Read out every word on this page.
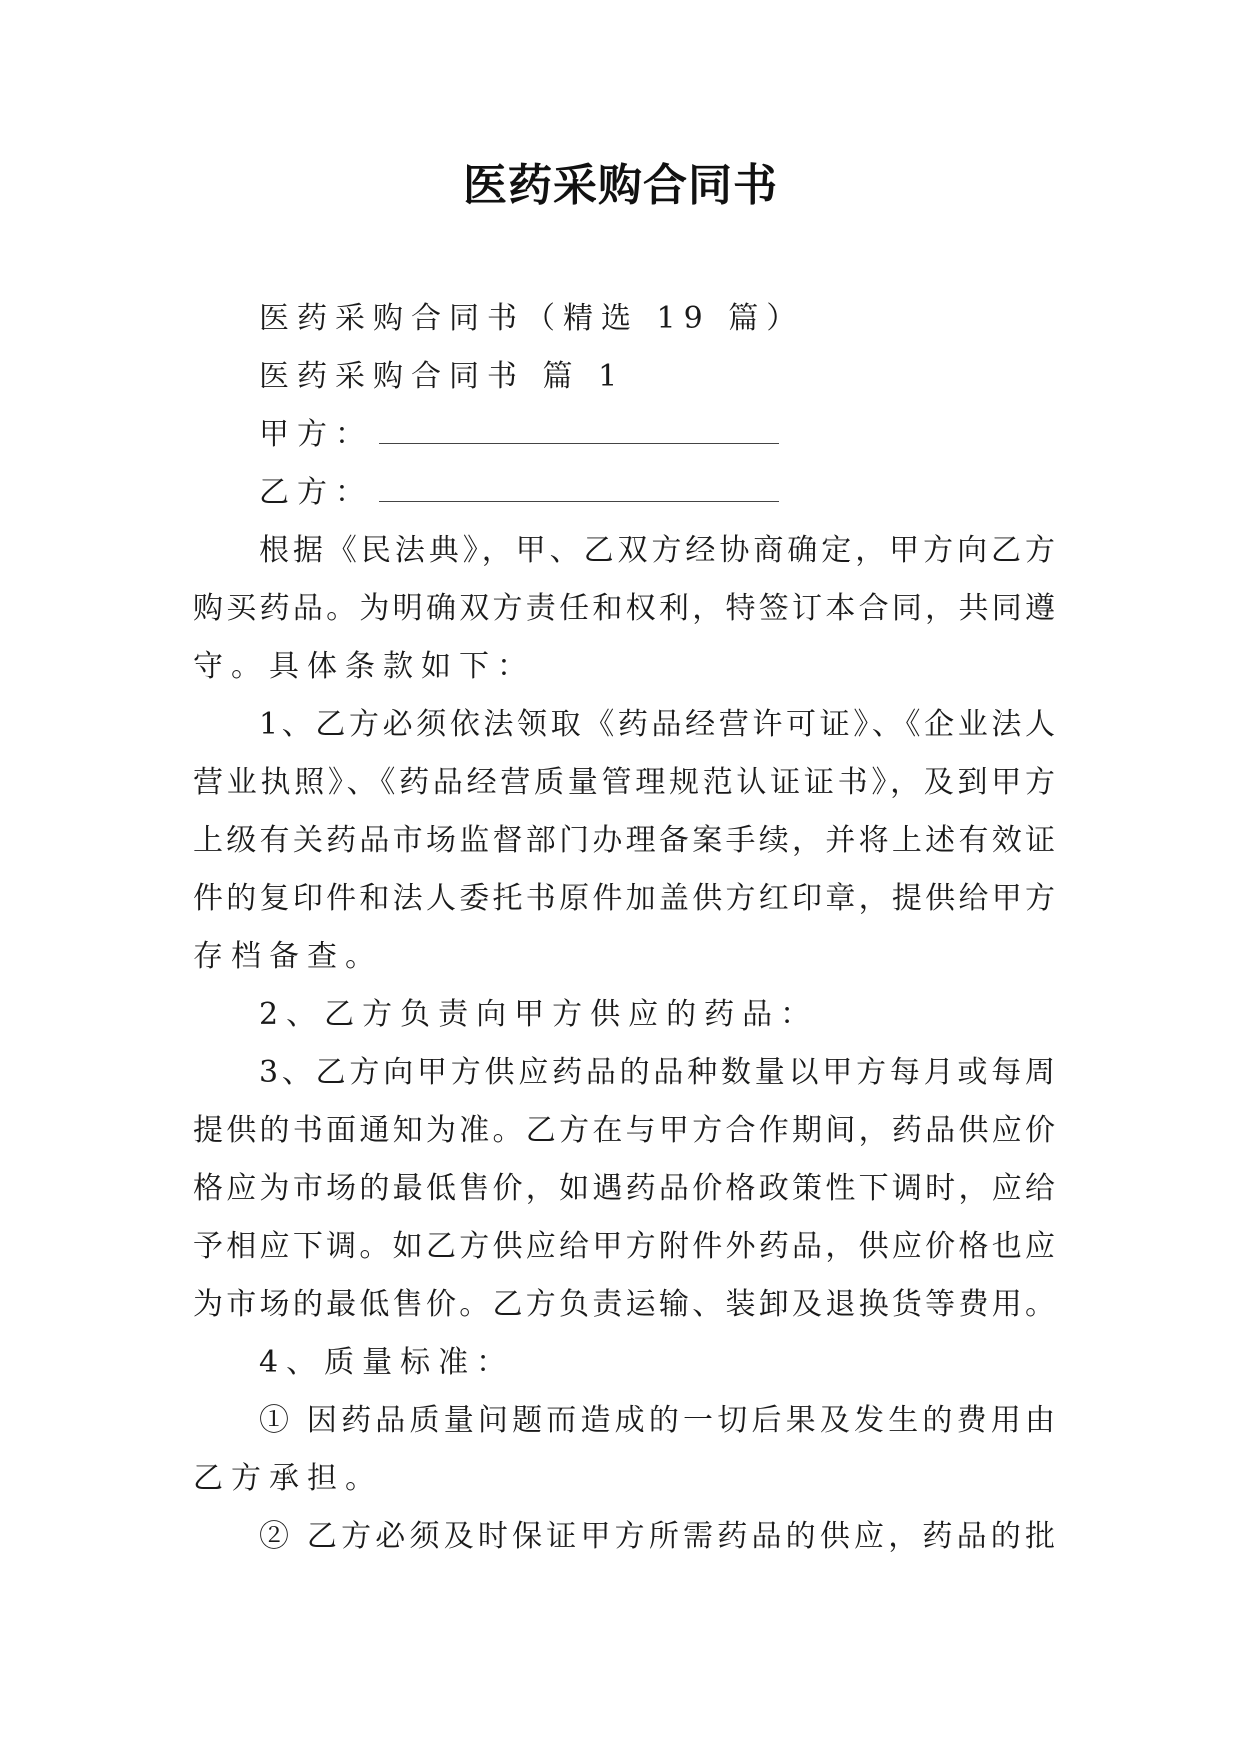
医药采购合同书
医药采购合同书（精选 19 篇）
医药采购合同书 篇 1
甲方：
乙方：
根据《民法典》，甲、乙双方经协商确定，甲方向乙方
购买药品。为明确双方责任和权利，特签订本合同，共同遵
守。具体条款如下：
1、乙方必须依法领取《药品经营许可证》、《企业法人
营业执照》、《药品经营质量管理规范认证证书》，及到甲方
上级有关药品市场监督部门办理备案手续，并将上述有效证
件的复印件和法人委托书原件加盖供方红印章，提供给甲方
存档备查。
2、乙方负责向甲方供应的药品：
3、乙方向甲方供应药品的品种数量以甲方每月或每周
提供的书面通知为准。乙方在与甲方合作期间，药品供应价
格应为市场的最低售价，如遇药品价格政策性下调时，应给
予相应下调。如乙方供应给甲方附件外药品，供应价格也应
为市场的最低售价。乙方负责运输、装卸及退换货等费用。
4、质量标准：
① 因药品质量问题而造成的一切后果及发生的费用由
乙方承担。
② 乙方必须及时保证甲方所需药品的供应，药品的批
